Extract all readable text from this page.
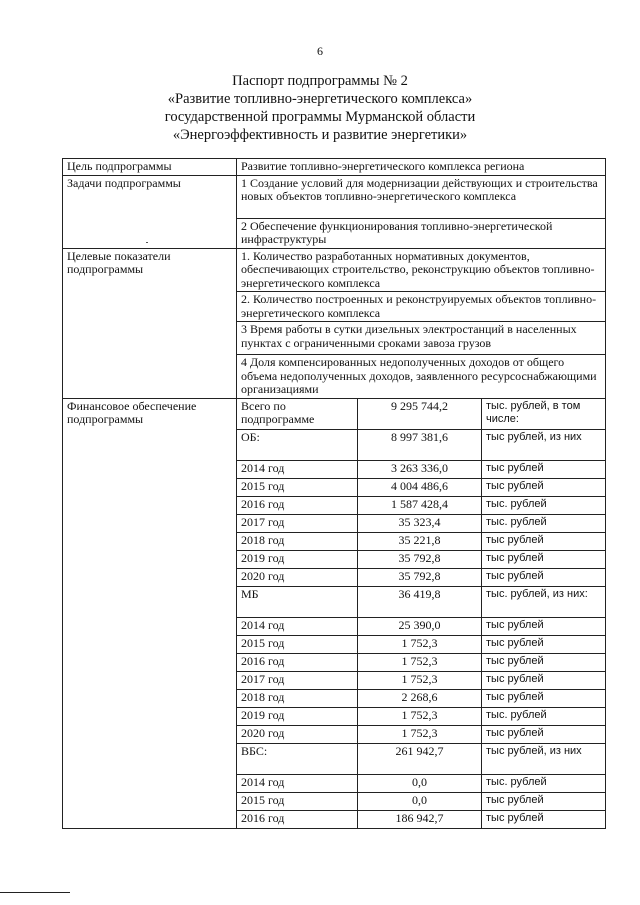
6
Паспорт подпрограммы № 2
«Развитие топливно-энергетического комплекса»
государственной программы Мурманской области
«Энергоэффективность и развитие энергетики»
Цель подпрограммы	Развитие топливно-энергетического комплекса региона		
Задачи подпрограммы	1 Создание условий для модернизации действующих и строительства новых объектов топливно-энергетического комплекса		
	2 Обеспечение функционирования топливно-энергетической инфраструктуры		
Целевые показатели подпрограммы	1. Количество разработанных нормативных документов, обеспечивающих строительство, реконструкцию объектов топливно-энергетического комплекса		
	2. Количество построенных и реконструируемых объектов топливно-энергетического комплекса		
	3 Время работы в сутки дизельных электростанций в населенных пунктах с ограниченными сроками завоза грузов		
	4 Доля компенсированных недополученных доходов от общего объема недополученных доходов, заявленного ресурсоснабжающими организациями		
Финансовое обеспечение подпрограммы	Всего по подпрограмме	9 295 744,2	тыс. рублей, в том числе:
	ОБ:	8 997 381,6	тыс рублей, из них
	2014 год	3 263 336,0	тыс рублей
	2015 год	4 004 486,6	тыс рублей
	2016 год	1 587 428,4	тыс. рублей
	2017 год	35 323,4	тыс. рублей
	2018 год	35 221,8	тыс рублей
	2019 год	35 792,8	тыс рублей
	2020 год	35 792,8	тыс рублей
	МБ	36 419,8	тыс. рублей, из них:
	2014 год	25 390,0	тыс рублей
	2015 год	1 752,3	тыс рублей
	2016 год	1 752,3	тыс рублей
	2017 год	1 752,3	тыс рублей
	2018 год	2 268,6	тыс рублей
	2019 год	1 752,3	тыс. рублей
	2020 год	1 752,3	тыс рублей
	ВБС:	261 942,7	тыс рублей, из них
	2014 год	0,0	тыс. рублей
	2015 год	0,0	тыс рублей
	2016 год	186 942,7	тыс рублей
